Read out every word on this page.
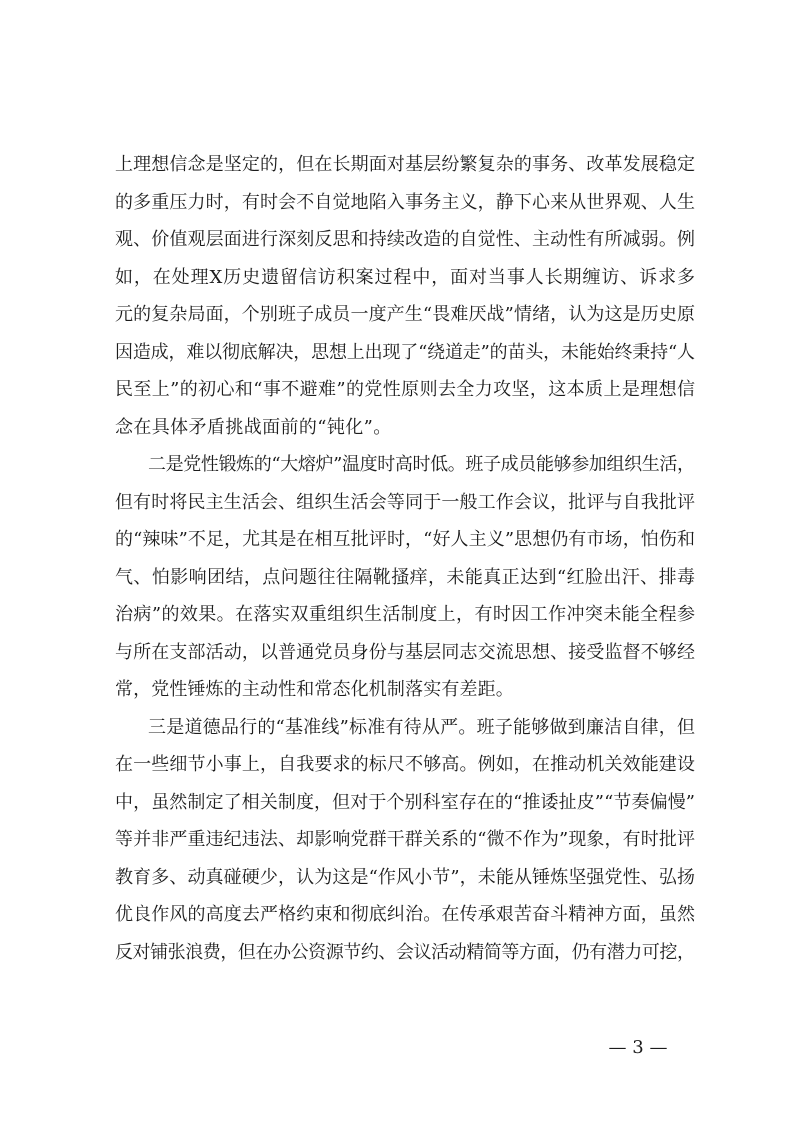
上理想信念是坚定的，但在长期面对基层纷繁复杂的事务、改革发展稳定
的多重压力时，有时会不自觉地陷入事务主义，静下心来从世界观、人生
观、价值观层面进行深刻反思和持续改造的自觉性、主动性有所减弱。例
如，在处理X历史遗留信访积案过程中，面对当事人长期缠访、诉求多
元的复杂局面，个别班子成员一度产生“畏难厌战”情绪，认为这是历史原
因造成，难以彻底解决，思想上出现了“绕道走”的苗头，未能始终秉持“人
民至上”的初心和“事不避难”的党性原则去全力攻坚，这本质上是理想信
念在具体矛盾挑战面前的“钝化”。
二是党性锻炼的“大熔炉”温度时高时低。班子成员能够参加组织生活，
但有时将民主生活会、组织生活会等同于一般工作会议，批评与自我批评
的“辣味”不足，尤其是在相互批评时，“好人主义”思想仍有市场，怕伤和
气、怕影响团结，点问题往往隔靴搔痒，未能真正达到“红脸出汗、排毒
治病”的效果。在落实双重组织生活制度上，有时因工作冲突未能全程参
与所在支部活动，以普通党员身份与基层同志交流思想、接受监督不够经
常，党性锤炼的主动性和常态化机制落实有差距。
三是道德品行的“基准线”标准有待从严。班子能够做到廉洁自律，但
在一些细节小事上，自我要求的标尺不够高。例如，在推动机关效能建设
中，虽然制定了相关制度，但对于个别科室存在的“推诿扯皮”“节奏偏慢”
等并非严重违纪违法、却影响党群干群关系的“微不作为”现象，有时批评
教育多、动真碰硬少，认为这是“作风小节”，未能从锤炼坚强党性、弘扬
优良作风的高度去严格约束和彻底纠治。在传承艰苦奋斗精神方面，虽然
反对铺张浪费，但在办公资源节约、会议活动精简等方面，仍有潜力可挖，
— 3 —
